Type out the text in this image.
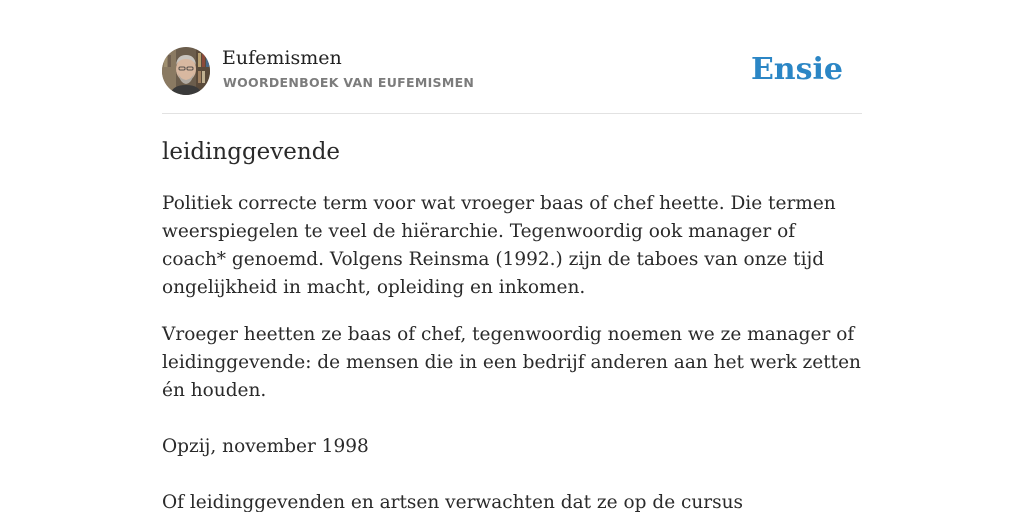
Eufemismen
WOORDENBOEK VAN EUFEMISMEN	Ensie
leidinggevende

Politiek correcte term voor wat vroeger baas of chef heette. Die termen weerspiegelen te veel de hiërarchie. Tegenwoordig ook manager of coach* genoemd. Volgens Reinsma (1992.) zijn de taboes van onze tijd ongelijkheid in macht, opleiding en inkomen.

Vroeger heetten ze baas of chef, tegenwoordig noemen we ze manager of leidinggevende: de mensen die in een bedrijf anderen aan het werk zetten én houden.

Opzij, november 1998

Of leidinggevenden en artsen verwachten dat ze op de cursus
